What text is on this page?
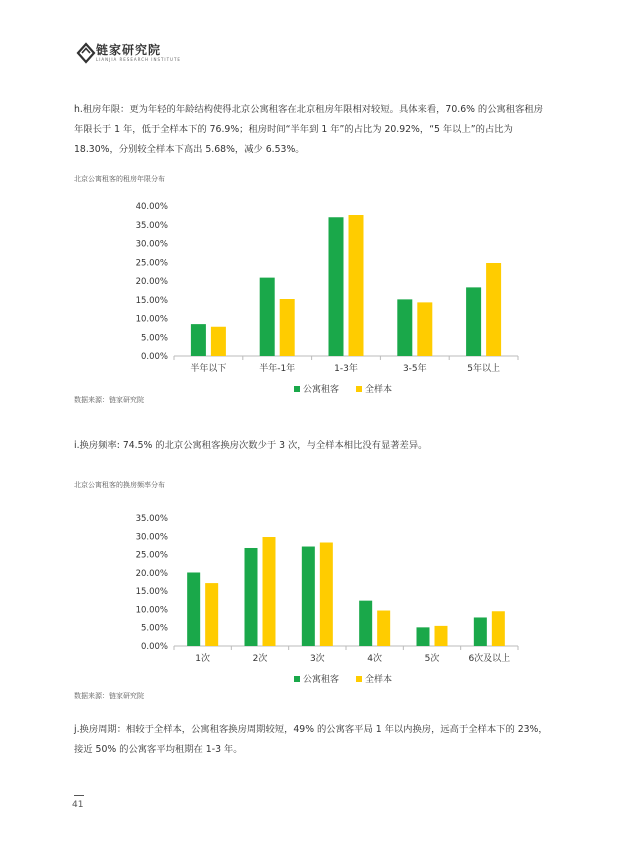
链家研究院
LIANJIA RESEARCH INSTITUTE
h.租房年限：更为年轻的年龄结构使得北京公寓租客在北京租房年限相对较短。具体来看，70.6% 的公寓租客租房年限长于 1 年，低于全样本下的 76.9%；租房时间“半年到 1 年”的占比为 20.92%，“5 年以上”的占比为 18.30%，分别较全样本下高出 5.68%，减少 6.53%。
北京公寓租客的租房年限分布
0.00%
5.00%
10.00%
15.00%
20.00%
25.00%
30.00%
35.00%
40.00%
半年以下	半年-1年	1-3年	3-5年	5年以上
公寓租客	全样本
数据来源：链家研究院
i.换房频率: 74.5% 的北京公寓租客换房次数少于 3 次，与全样本相比没有显著差异。
北京公寓租客的换房频率分布
0.00%
5.00%
10.00%
15.00%
20.00%
25.00%
30.00%
35.00%
1次	2次	3次	4次	5次	6次及以上
公寓租客	全样本
数据来源：链家研究院
j.换房周期：相较于全样本，公寓租客换房周期较短，49% 的公寓客平局 1 年以内换房，远高于全样本下的 23%，接近 50% 的公寓客平均租期在 1-3 年。
41
